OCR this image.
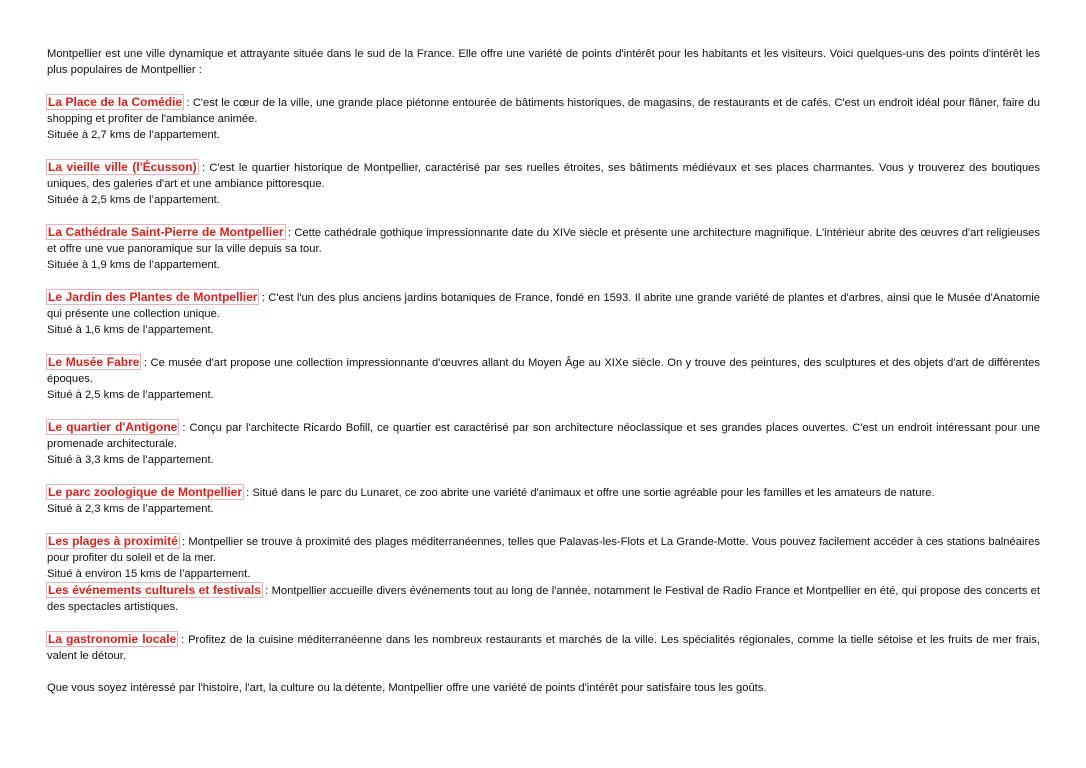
Montpellier est une ville dynamique et attrayante située dans le sud de la France. Elle offre une variété de points d'intérêt pour les habitants et les visiteurs. Voici quelques-uns des points d'intérêt les plus populaires de Montpellier :

La Place de la Comédie : C'est le cœur de la ville, une grande place piétonne entourée de bâtiments historiques, de magasins, de restaurants et de cafés. C'est un endroit idéal pour flâner, faire du shopping et profiter de l'ambiance animée.
Située à 2,7 kms de l’appartement.

La vieille ville (l'Écusson) : C'est le quartier historique de Montpellier, caractérisé par ses ruelles étroites, ses bâtiments médiévaux et ses places charmantes. Vous y trouverez des boutiques uniques, des galeries d'art et une ambiance pittoresque.
Située à 2,5 kms de l’appartement.

La Cathédrale Saint-Pierre de Montpellier : Cette cathédrale gothique impressionnante date du XIVe siècle et présente une architecture magnifique. L'intérieur abrite des œuvres d'art religieuses et offre une vue panoramique sur la ville depuis sa tour.
Située à 1,9 kms de l’appartement.

Le Jardin des Plantes de Montpellier : C'est l'un des plus anciens jardins botaniques de France, fondé en 1593. Il abrite une grande variété de plantes et d'arbres, ainsi que le Musée d'Anatomie qui présente une collection unique.
Situé à 1,6 kms de l’appartement.

Le Musée Fabre : Ce musée d'art propose une collection impressionnante d'œuvres allant du Moyen Âge au XIXe siècle. On y trouve des peintures, des sculptures et des objets d'art de différentes époques.
Situé à 2,5 kms de l’appartement.

Le quartier d'Antigone : Conçu par l'architecte Ricardo Bofill, ce quartier est caractérisé par son architecture néoclassique et ses grandes places ouvertes. C'est un endroit intéressant pour une promenade architecturale.
Situé à 3,3 kms de l’appartement.

Le parc zoologique de Montpellier : Situé dans le parc du Lunaret, ce zoo abrite une variété d'animaux et offre une sortie agréable pour les familles et les amateurs de nature.
Situé à 2,3 kms de l’appartement.

Les plages à proximité : Montpellier se trouve à proximité des plages méditerranéennes, telles que Palavas-les-Flots et La Grande-Motte. Vous pouvez facilement accéder à ces stations balnéaires pour profiter du soleil et de la mer.
Situé à environ 15 kms de l’appartement.

Les événements culturels et festivals : Montpellier accueille divers événements tout au long de l'année, notamment le Festival de Radio France et Montpellier en été, qui propose des concerts et des spectacles artistiques.

La gastronomie locale : Profitez de la cuisine méditerranéenne dans les nombreux restaurants et marchés de la ville. Les spécialités régionales, comme la tielle sétoise et les fruits de mer frais, valent le détour.

Que vous soyez intéressé par l'histoire, l'art, la culture ou la détente, Montpellier offre une variété de points d'intérêt pour satisfaire tous les goûts.
